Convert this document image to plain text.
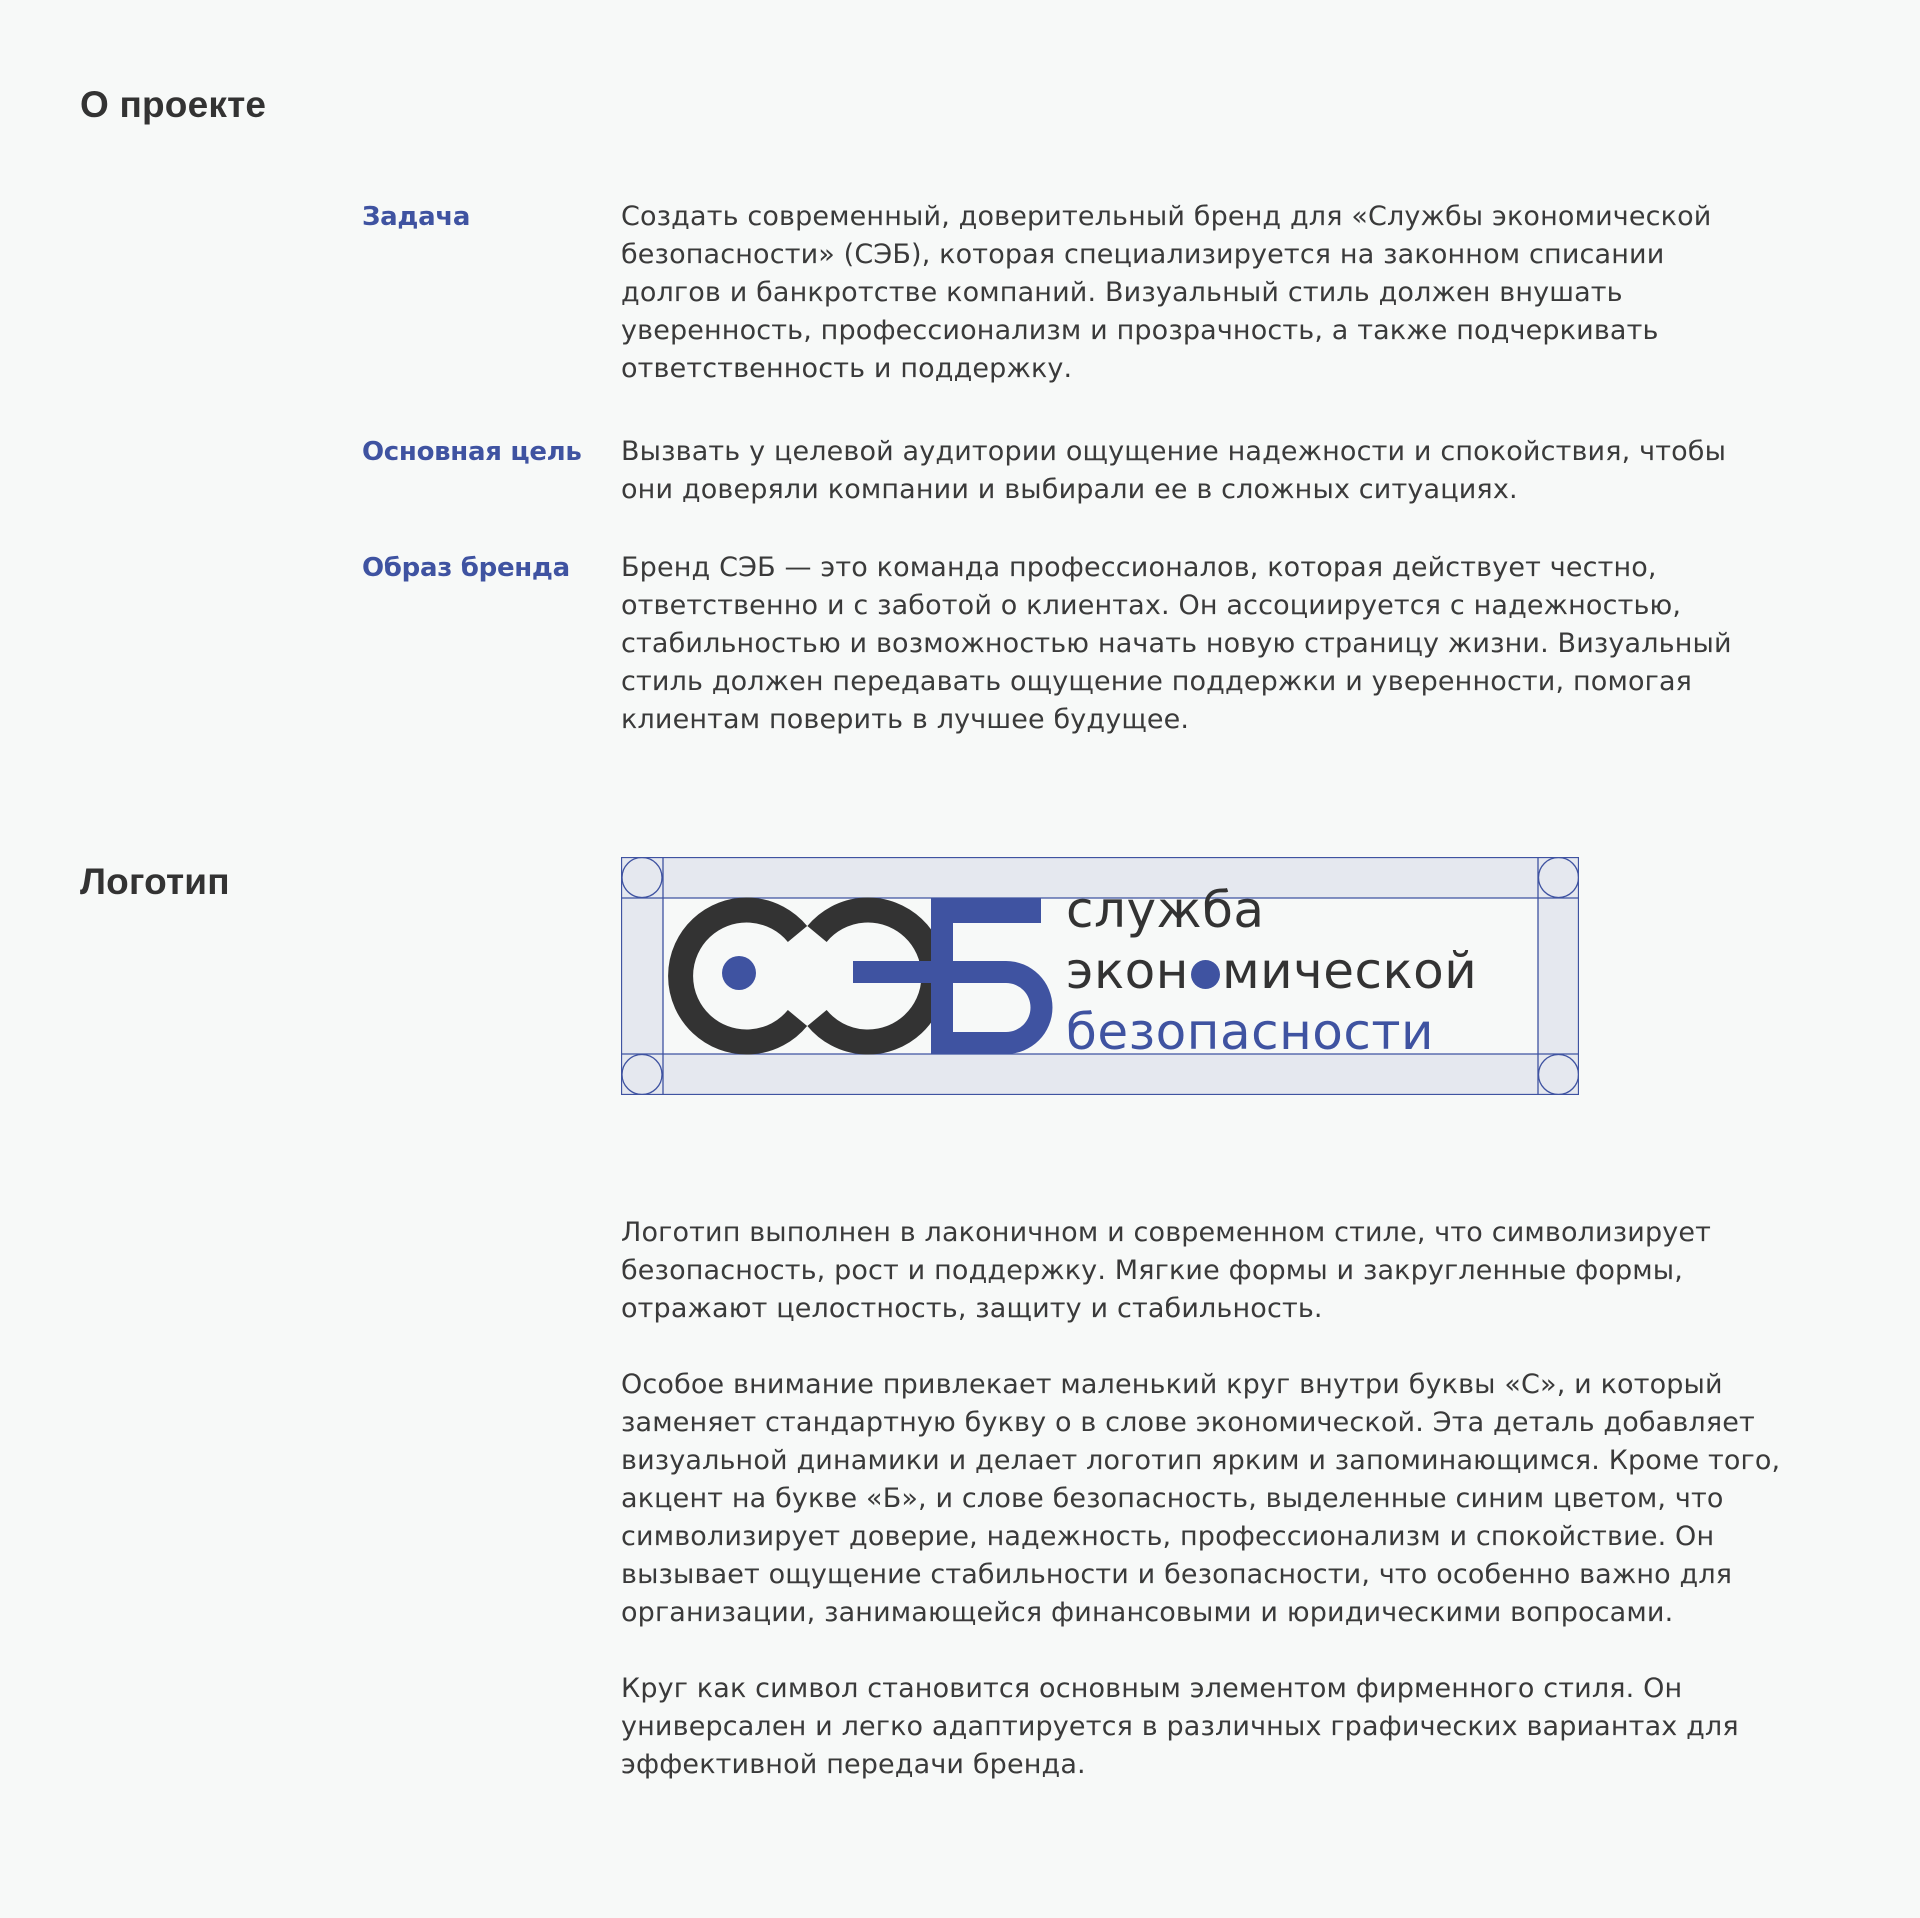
О проекте
Задача	Создать современный, доверительный бренд для «Службы экономической
безопасности» (СЭБ), которая специализируется на законном списании
долгов и банкротстве компаний. Визуальный стиль должен внушать
уверенность, профессионализм и прозрачность, а также подчеркивать
ответственность и поддержку.
Основная цель Вызвать у целевой аудитории ощущение надежности и спокойствия, чтобы
они доверяли компании и выбирали ее в сложных ситуациях.
Образ бренда Бренд СЭБ — это команда профессионалов, которая действует честно,
ответственно и с заботой о клиентах. Он ассоциируется с надежностью,
стабильностью и возможностью начать новую страницу жизни. Визуальный
стиль должен передавать ощущение поддержки и уверенности, помогая
клиентам поверить в лучшее будущее.
Логотип	служба
экон мической
безопасности
Логотип выполнен в лаконичном и современном стиле, что символизирует
безопасность, рост и поддержку. Мягкие формы и закругленные формы,
отражают целостность, защиту и стабильность.
Особое внимание привлекает маленький круг внутри буквы «С», и который
заменяет стандартную букву о в слове экономической. Эта деталь добавляет
визуальной динамики и делает логотип ярким и запоминающимся. Кроме того,
акцент на букве «Б», и слове безопасность, выделенные синим цветом, что
символизирует доверие, надежность, профессионализм и спокойствие. Он
вызывает ощущение стабильности и безопасности, что особенно важно для
организации, занимающейся финансовыми и юридическими вопросами.
Круг как символ становится основным элементом фирменного стиля. Он
универсален и легко адаптируется в различных графических вариантах для
эффективной передачи бренда.
